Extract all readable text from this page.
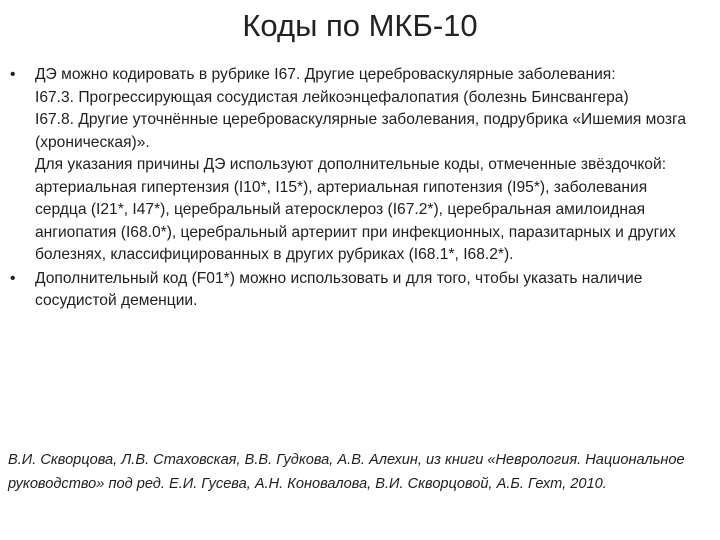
Коды по МКБ-10
•	ДЭ можно кодировать в рубрике I67. Другие цереброваскулярные заболевания:

I67.3. Прогрессирующая сосудистая лейкоэнцефалопатия (болезнь Бинсвангера)

I67.8. Другие уточнённые цереброваскулярные заболевания, подрубрика «Ишемия мозга (хроническая)».

Для указания причины ДЭ используют дополнительные коды, отмеченные звёздочкой: артериальная гипертензия (I10*, I15*), артериальная гипотензия (I95*), заболевания сердца (I21*, I47*), церебральный атеросклероз (I67.2*), церебральная амилоидная ангиопатия (I68.0*), церебральный артериит при инфекционных, паразитарных и других болезнях, классифицированных в других рубриках (I68.1*, I68.2*).

•	Дополнительный код (F01*) можно использовать и для того, чтобы указать наличие сосудистой деменции.

В.И. Скворцова, Л.В. Стаховская, В.В. Гудкова, А.В. Алехин, из книги «Неврология. Национальное руководство» под ред. Е.И. Гусева, А.Н. Коновалова, В.И. Скворцовой, А.Б. Гехт, 2010.
